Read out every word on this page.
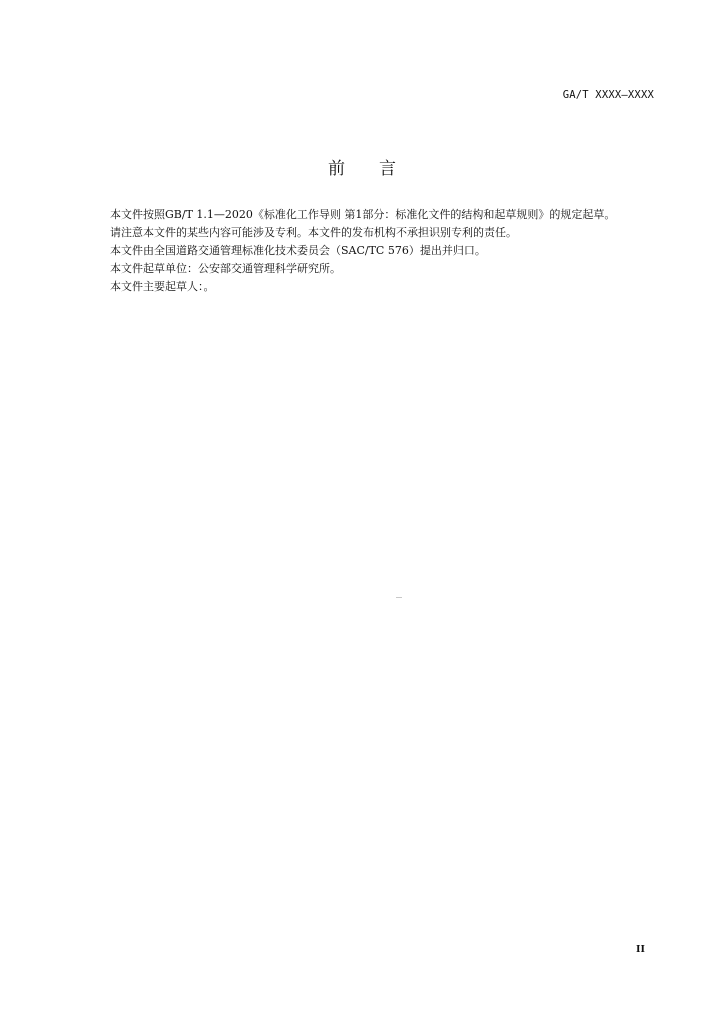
GA/T XXXX—XXXX
前　　言

本文件按照GB/T 1.1—2020《标准化工作导则 第1部分：标准化文件的结构和起草规则》的规定起草。

请注意本文件的某些内容可能涉及专利。本文件的发布机构不承担识别专利的责任。

本文件由全国道路交通管理标准化技术委员会（SAC/TC 576）提出并归口。

本文件起草单位：公安部交通管理科学研究所。

本文件主要起草人：。

II
